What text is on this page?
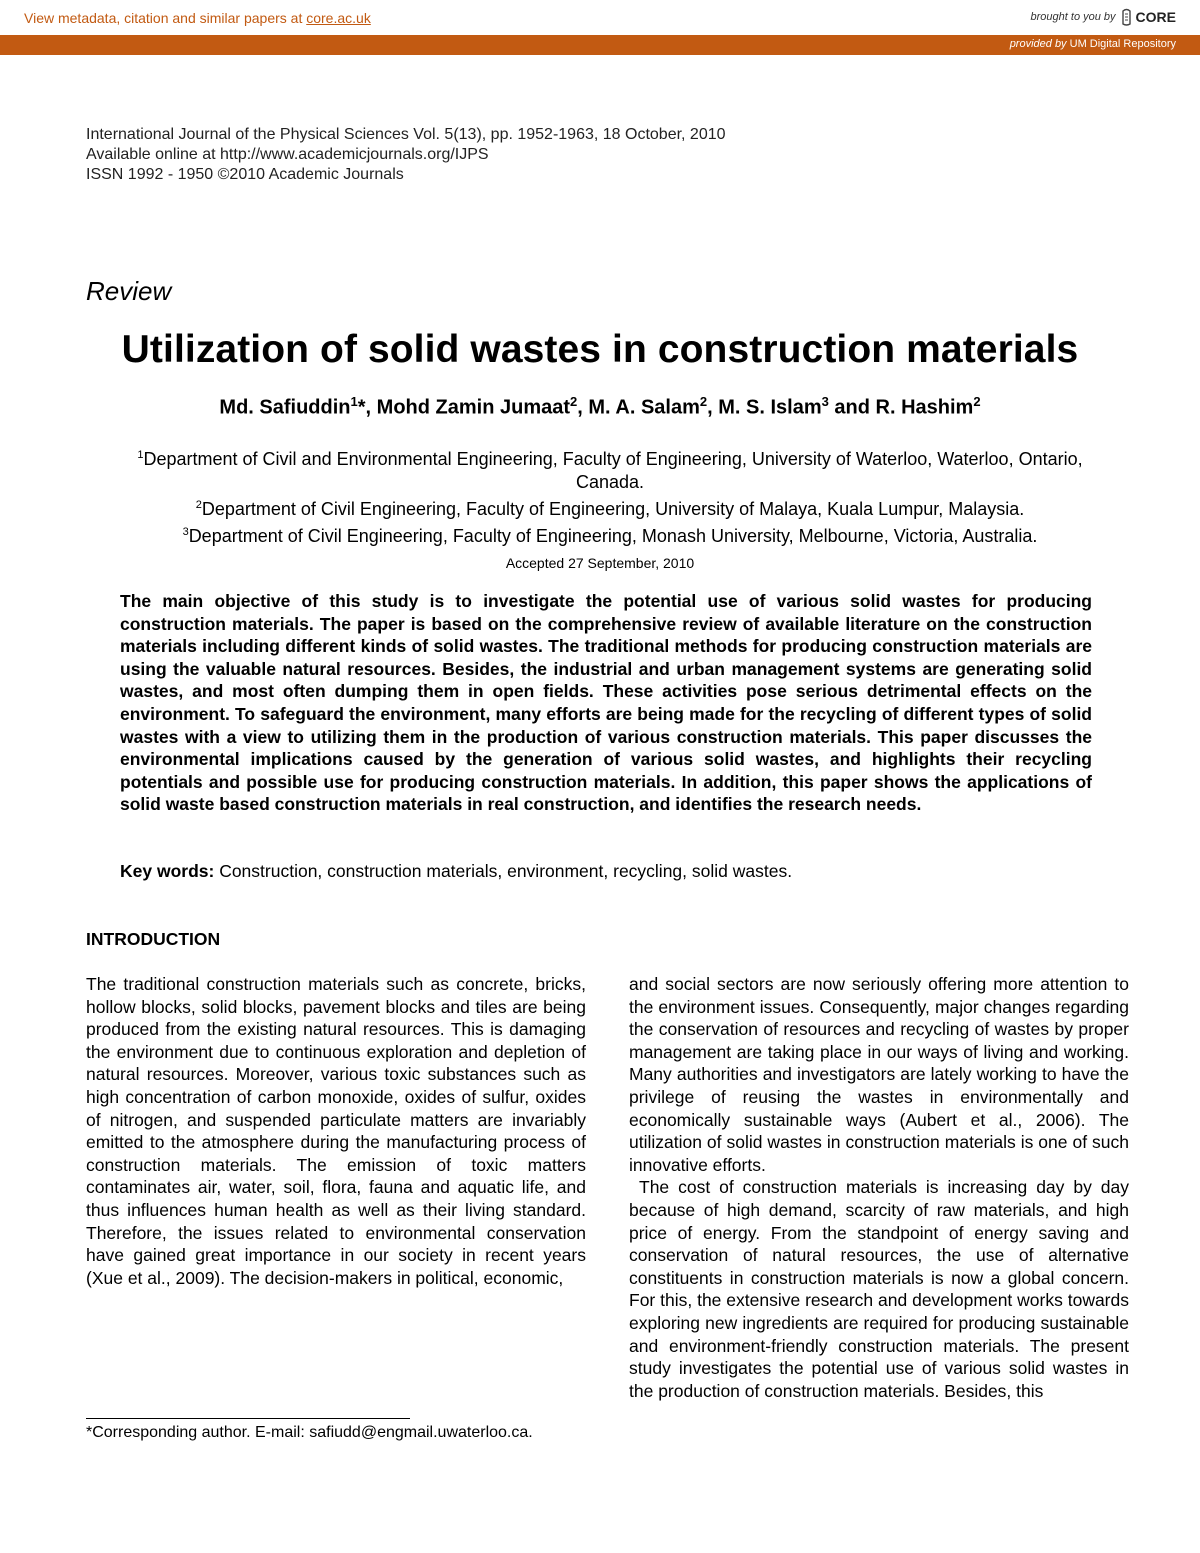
View metadata, citation and similar papers at core.ac.uk	brought to you by CORE
provided by UM Digital Repository
International Journal of the Physical Sciences Vol. 5(13), pp. 1952-1963, 18 October, 2010
Available online at http://www.academicjournals.org/IJPS
ISSN 1992 - 1950 ©2010 Academic Journals
Review
Utilization of solid wastes in construction materials
Md. Safiuddin$^1$*, Mohd Zamin Jumaat$^2$, M. A. Salam$^2$, M. S. Islam$^3$ and R. Hashim$^2$
$^1$Department of Civil and Environmental Engineering, Faculty of Engineering, University of Waterloo, Waterloo, Ontario, Canada.
$^2$Department of Civil Engineering, Faculty of Engineering, University of Malaya, Kuala Lumpur, Malaysia.
$^3$Department of Civil Engineering, Faculty of Engineering, Monash University, Melbourne, Victoria, Australia.
Accepted 27 September, 2010

The main objective of this study is to investigate the potential use of various solid wastes for producing construction materials. The paper is based on the comprehensive review of available literature on the construction materials including different kinds of solid wastes. The traditional methods for producing construction materials are using the valuable natural resources. Besides, the industrial and urban management systems are generating solid wastes, and most often dumping them in open fields. These activities pose serious detrimental effects on the environment. To safeguard the environment, many efforts are being made for the recycling of different types of solid wastes with a view to utilizing them in the production of various construction materials. This paper discusses the environmental implications caused by the generation of various solid wastes, and highlights their recycling potentials and possible use for producing construction materials. In addition, this paper shows the applications of solid waste based construction materials in real construction, and identifies the research needs.

Key words: Construction, construction materials, environment, recycling, solid wastes.
INTRODUCTION

The traditional construction materials such as concrete, bricks, hollow blocks, solid blocks, pavement blocks and tiles are being produced from the existing natural resources. This is damaging the environment due to continuous exploration and depletion of natural resources. Moreover, various toxic substances such as high concentration of carbon monoxide, oxides of sulfur, oxides of nitrogen, and suspended particulate matters are invariably emitted to the atmosphere during the manufacturing process of construction materials. The emission of toxic matters contaminates air, water, soil, flora, fauna and aquatic life, and thus influences human health as well as their living standard. Therefore, the issues related to environmental conservation have gained great importance in our society in recent years (Xue et al., 2009). The decision-makers in political, economic,

and social sectors are now seriously offering more attention to the environment issues. Consequently, major changes regarding the conservation of resources and recycling of wastes by proper management are taking place in our ways of living and working. Many authorities and investigators are lately working to have the privilege of reusing the wastes in environmentally and economically sustainable ways (Aubert et al., 2006). The utilization of solid wastes in construction materials is one of such innovative efforts.

The cost of construction materials is increasing day by day because of high demand, scarcity of raw materials, and high price of energy. From the standpoint of energy saving and conservation of natural resources, the use of alternative constituents in construction materials is now a global concern. For this, the extensive research and development works towards exploring new ingredients are required for producing sustainable and environment-friendly construction materials. The present study investigates the potential use of various solid wastes in the production of construction materials. Besides, this

*Corresponding author. E-mail: safiudd@engmail.uwaterloo.ca.
